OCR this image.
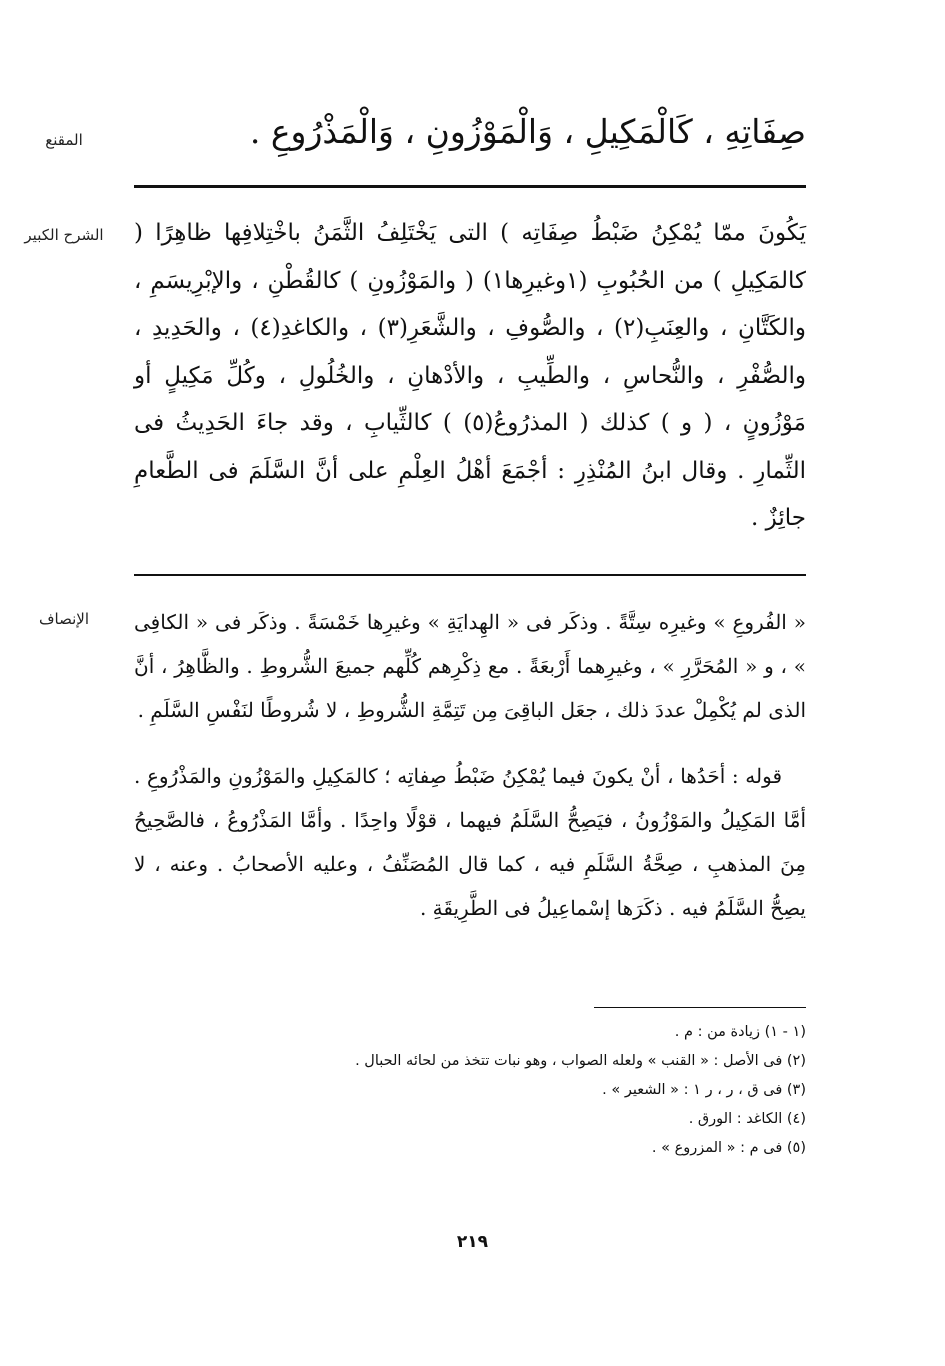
المقنع	صِفَاتِهِ ، كَالْمَكِيلِ ، وَالْمَوْزُونِ ، وَالْمَذْرُوعِ .
الشرح الكبير يَكُونَ ممّا يُمْكِنُ ضَبْطُ صِفَاتِه ) التى يَخْتَلِفُ الثَّمَنُ باخْتِلافِها ظاهِرًا ( كالمَكِيلِ ) من الحُبُوبِ (١وغيرِها١) ( والمَوْزُونِ ) كالقُطْنِ ، والإبْرِيسَمِ ، والكَتَّانِ ، والعِنَبِ(٢) ، والصُّوفِ ، والشَّعَرِ(٣) ، والكاغدِ(٤) ، والحَدِيدِ ، والصُّفْرِ ، والنُّحاسِ ، والطِّيبِ ، والأدْهانِ ، والخُلُولِ ، وكُلِّ مَكِيلٍ أو مَوْزُونٍ ، ( و ) كذلك ( المذرُوعُ(٥) ) كالثِّيابِ ، وقد جاءَ الحَدِيثُ فى الثِّمارِ . وقال ابنُ المُنْذِرِ : أجْمَعَ أهْلُ العِلْمِ على أنَّ السَّلَمَ فى الطَّعامِ جائِزٌ .
الإنصاف	« الفُروعِ » وغيرِه سِتَّةً . وذكَر فى « الهِدايَةِ » وغيرِها خَمْسَةً . وذكَر فى « الكافِى » ، و « المُحَرَّرِ » ، وغيرِهما أَرْبعَةً . مع ذِكْرِهم كُلِّهم جميعَ الشُّروطِ . والظَّاهِرُ ، أنَّ الذى لم يُكْمِلْ عددَ ذلك ، جعَل الباقِىَ مِن تَتِمَّةِ الشُّروطِ ، لا شُروطًا لنَفْسِ السَّلَمِ .

قوله : أحَدُها ، أنْ يكونَ فيما يُمْكِنُ ضَبْطُ صِفاتِه ؛ كالمَكِيلِ والمَوْزُونِ والمَذْرُوعِ . أمَّا المَكِيلُ والمَوْزُونُ ، فيَصِحُّ السَّلَمُ فيهما ، قوْلًا واحِدًا . وأمَّا المَذْرُوعُ ، فالصَّحِيحُ مِنَ المذهبِ ، صِحَّةُ السَّلَمِ فيه ، كما قال المُصَنِّفُ ، وعليه الأصحابُ . وعنه ، لا يصِحُّ السَّلَمُ فيه . ذكَرَها إسْماعِيلُ فى الطَّرِيقَةِ .

(١ - ١) زيادة من : م .
(٢) فى الأصل : « القنب » ولعله الصواب ، وهو نبات تتخذ من لحائه الحبال .
(٣) فى ق ، ر ، ر ١ : « الشعير » .
(٤) الكاغد : الورق .
(٥) فى م : « المزروع » .
٢١٩
